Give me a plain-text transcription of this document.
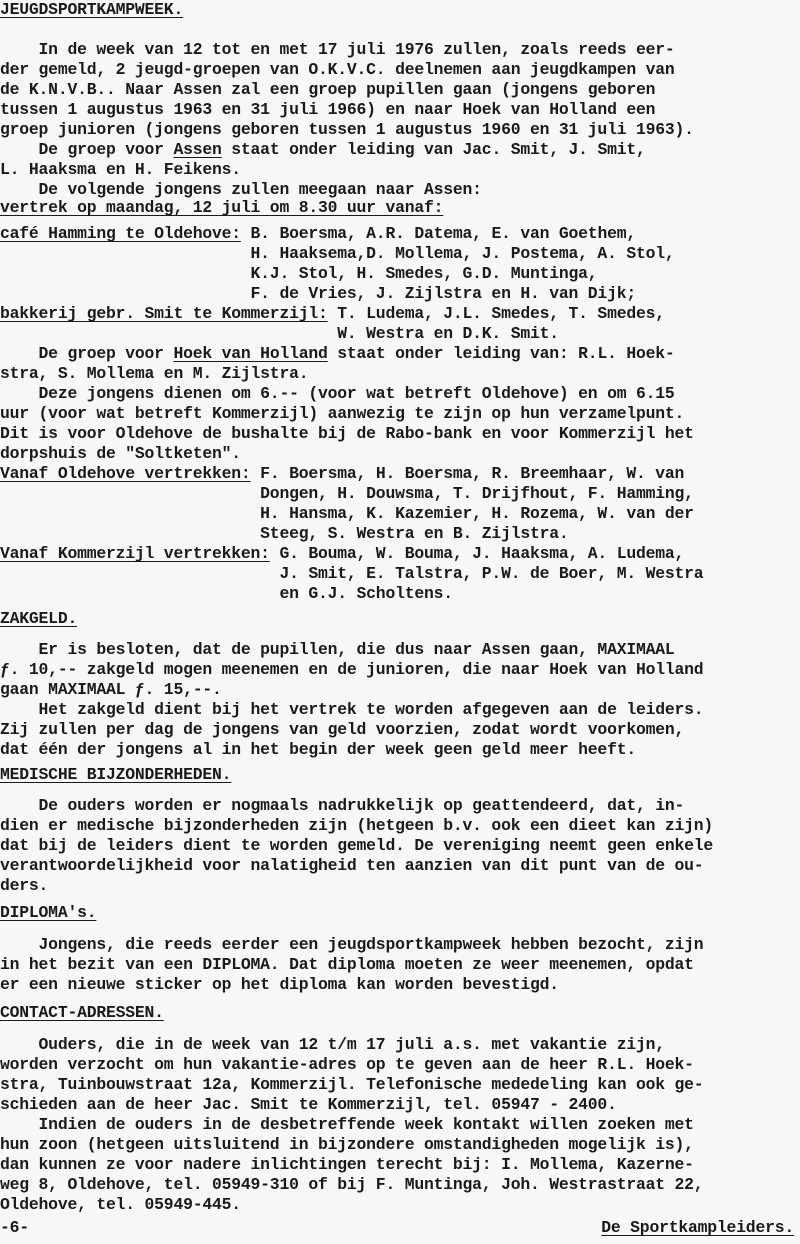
JEUGDSPORTKAMPWEEK.
In de week van 12 tot en met 17 juli 1976 zullen, zoals reeds eer-
der gemeld, 2 jeugd-groepen van O.K.V.C. deelnemen aan jeugdkampen van
de K.N.V.B.. Naar Assen zal een groep pupillen gaan (jongens geboren
tussen 1 augustus 1963 en 31 juli 1966) en naar Hoek van Holland een
groep junioren (jongens geboren tussen 1 augustus 1960 en 31 juli 1963).
De groep voor Assen staat onder leiding van Jac. Smit, J. Smit,
L. Haaksma en H. Feikens.
De volgende jongens zullen meegaan naar Assen:
vertrek op maandag, 12 juli om 8.30 uur vanaf:
café Hamming te Oldehove: B. Boersma, A.R. Datema, E. van Goethem,
H. Haaksema,D. Mollema, J. Postema, A. Stol,
K.J. Stol, H. Smedes, G.D. Muntinga,
F. de Vries, J. Zijlstra en H. van Dijk;
bakkerij gebr. Smit te Kommerzijl: T. Ludema, J.L. Smedes, T. Smedes,
W. Westra en D.K. Smit.
De groep voor Hoek van Holland staat onder leiding van: R.L. Hoek-
stra, S. Mollema en M. Zijlstra.
Deze jongens dienen om 6.-- (voor wat betreft Oldehove) en om 6.15
uur (voor wat betreft Kommerzijl) aanwezig te zijn op hun verzamelpunt.
Dit is voor Oldehove de bushalte bij de Rabo-bank en voor Kommerzijl het
dorpshuis de "Soltketen".
Vanaf Oldehove vertrekken: F. Boersma, H. Boersma, R. Breemhaar, W. van
Dongen, H. Douwsma, T. Drijfhout, F. Hamming,
H. Hansma, K. Kazemier, H. Rozema, W. van der
Steeg, S. Westra en B. Zijlstra.
Vanaf Kommerzijl vertrekken: G. Bouma, W. Bouma, J. Haaksma, A. Ludema,
J. Smit, E. Talstra, P.W. de Boer, M. Westra
en G.J. Scholtens.
ZAKGELD.
Er is besloten, dat de pupillen, die dus naar Assen gaan, MAXIMAAL
ƒ. 10,-- zakgeld mogen meenemen en de junioren, die naar Hoek van Holland
gaan MAXIMAAL ƒ. 15,--.
Het zakgeld dient bij het vertrek te worden afgegeven aan de leiders.
Zij zullen per dag de jongens van geld voorzien, zodat wordt voorkomen,
dat één der jongens al in het begin der week geen geld meer heeft.
MEDISCHE BIJZONDERHEDEN.
De ouders worden er nogmaals nadrukkelijk op geattendeerd, dat, in-
dien er medische bijzonderheden zijn (hetgeen b.v. ook een dieet kan zijn)
dat bij de leiders dient te worden gemeld. De vereniging neemt geen enkele
verantwoordelijkheid voor nalatigheid ten aanzien van dit punt van de ou-
ders.
DIPLOMA's.
Jongens, die reeds eerder een jeugdsportkampweek hebben bezocht, zijn
in het bezit van een DIPLOMA. Dat diploma moeten ze weer meenemen, opdat
er een nieuwe sticker op het diploma kan worden bevestigd.
CONTACT-ADRESSEN.
Ouders, die in de week van 12 t/m 17 juli a.s. met vakantie zijn,
worden verzocht om hun vakantie-adres op te geven aan de heer R.L. Hoek-
stra, Tuinbouwstraat 12a, Kommerzijl. Telefonische mededeling kan ook ge-
schieden aan de heer Jac. Smit te Kommerzijl, tel. 05947 - 2400.
Indien de ouders in de desbetreffende week kontakt willen zoeken met
hun zoon (hetgeen uitsluitend in bijzondere omstandigheden mogelijk is),
dan kunnen ze voor nadere inlichtingen terecht bij: I. Mollema, Kazerne-
weg 8, Oldehove, tel. 05949-310 of bij F. Muntinga, Joh. Westrastraat 22,
Oldehove, tel. 05949-445.
-6-	De Sportkampleiders.
